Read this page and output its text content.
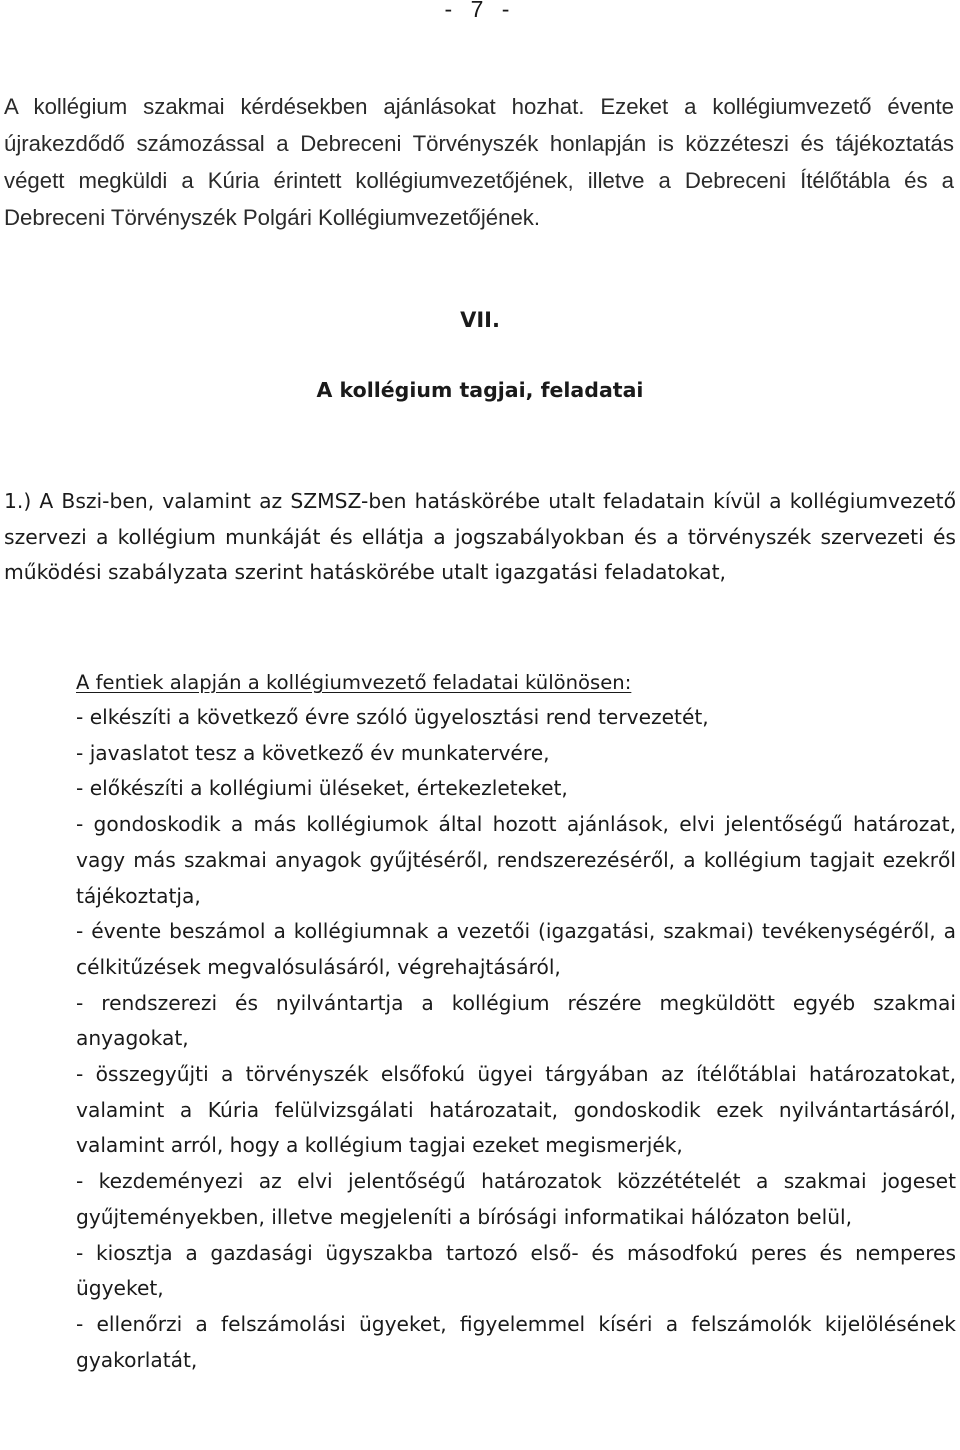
- 7 -

A kollégium szakmai kérdésekben ajánlásokat hozhat. Ezeket a kollégiumvezető évente újrakezdődő számozással a Debreceni Törvényszék honlapján is közzéteszi és tájékoztatás végett megküldi a Kúria érintett kollégiumvezetőjének, illetve a Debreceni Ítélőtábla és a Debreceni Törvényszék Polgári Kollégiumvezetőjének.

VII.
A kollégium tagjai, feladatai

1.) A Bszi-ben, valamint az SZMSZ-ben hatáskörébe utalt feladatain kívül a kollégiumvezető szervezi a kollégium munkáját és ellátja a jogszabályokban és a törvényszék szervezeti és működési szabályzata szerint hatáskörébe utalt igazgatási feladatokat,

A fentiek alapján a kollégiumvezető feladatai különösen:

- elkészíti a következő évre szóló ügyelosztási rend tervezetét,
- javaslatot tesz a következő év munkatervére,
- előkészíti a kollégiumi üléseket, értekezleteket,
- gondoskodik a más kollégiumok által hozott ajánlások, elvi jelentőségű határozat, vagy más szakmai anyagok gyűjtéséről, rendszerezéséről, a kollégium tagjait ezekről tájékoztatja,
- évente beszámol a kollégiumnak a vezetői (igazgatási, szakmai) tevékenységéről, a célkitűzések megvalósulásáról, végrehajtásáról,
- rendszerezi és nyilvántartja a kollégium részére megküldött egyéb szakmai anyagokat,
- összegyűjti a törvényszék elsőfokú ügyei tárgyában az ítélőtáblai határozatokat, valamint a Kúria felülvizsgálati határozatait, gondoskodik ezek nyilvántartásáról, valamint arról, hogy a kollégium tagjai ezeket megismerjék,
- kezdeményezi az elvi jelentőségű határozatok közzétételét a szakmai jogeset gyűjteményekben, illetve megjeleníti a bírósági informatikai hálózaton belül,
- kiosztja a gazdasági ügyszakba tartozó első- és másodfokú peres és nemperes ügyeket,
- ellenőrzi a felszámolási ügyeket, figyelemmel kíséri a felszámolók kijelölésének gyakorlatát,
